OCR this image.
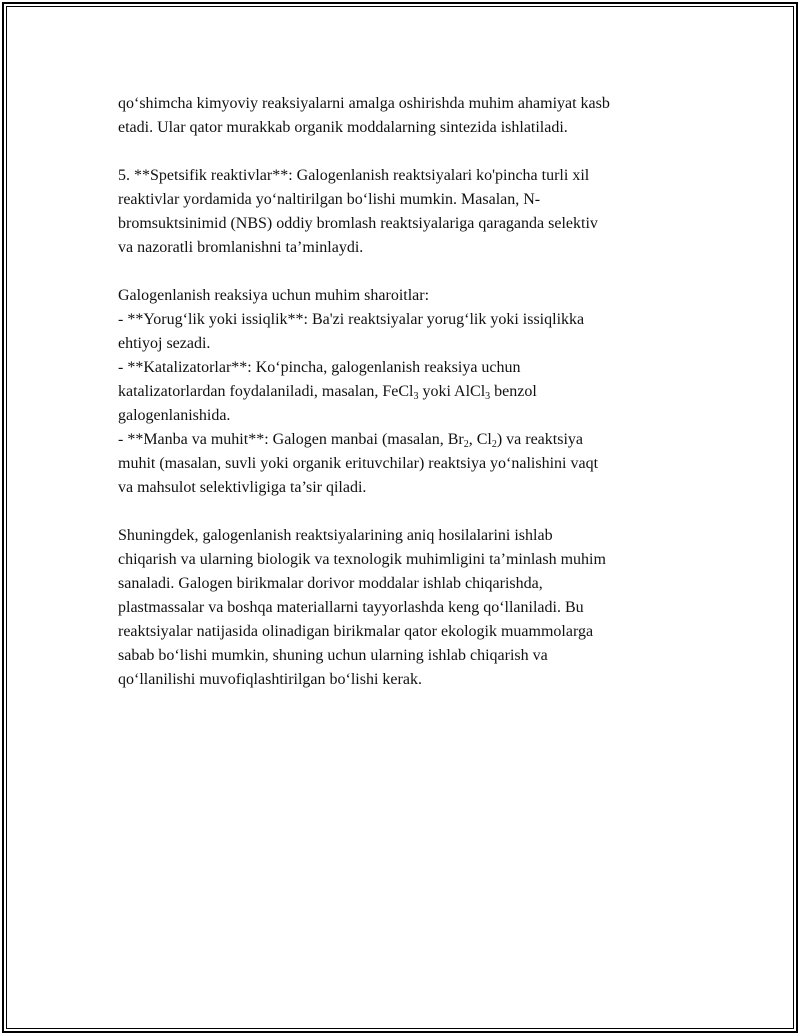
qo‘shimcha kimyoviy reaksiyalarni amalga oshirishda muhim ahamiyat kasb
etadi. Ular qator murakkab organik moddalarning sintezida ishlatiladi.

5. **Spetsifik reaktivlar**: Galogenlanish reaktsiyalari ko'pincha turli xil
reaktivlar yordamida yo‘naltirilgan bo‘lishi mumkin. Masalan, N-
bromsuktsinimid (NBS) oddiy bromlash reaktsiyalariga qaraganda selektiv
va nazoratli bromlanishni ta’minlaydi.

Galogenlanish reaksiya uchun muhim sharoitlar:
- **Yorug‘lik yoki issiqlik**: Ba'zi reaktsiyalar yorug‘lik yoki issiqlikka
ehtiyoj sezadi.
- **Katalizatorlar**: Ko‘pincha, galogenlanish reaksiya uchun
katalizatorlardan foydalaniladi, masalan, FeCl$_3$ yoki AlCl$_3$ benzol
galogenlanishida.
- **Manba va muhit**: Galogen manbai (masalan, $Br_2$, $Cl_2$) va reaktsiya
muhit (masalan, suvli yoki organik erituvchilar) reaktsiya yo‘nalishini vaqt
va mahsulot selektivligiga ta’sir qiladi.

Shuningdek, galogenlanish reaktsiyalarining aniq hosilalarini ishlab
chiqarish va ularning biologik va texnologik muhimligini ta’minlash muhim
sanaladi. Galogen birikmalar dorivor moddalar ishlab chiqarishda,
plastmassalar va boshqa materiallarni tayyorlashda keng qo‘llaniladi. Bu
reaktsiyalar natijasida olinadigan birikmalar qator ekologik muammolarga
sabab bo‘lishi mumkin, shuning uchun ularning ishlab chiqarish va
qo‘llanilishi muvofiqlashtirilgan bo‘lishi kerak.
